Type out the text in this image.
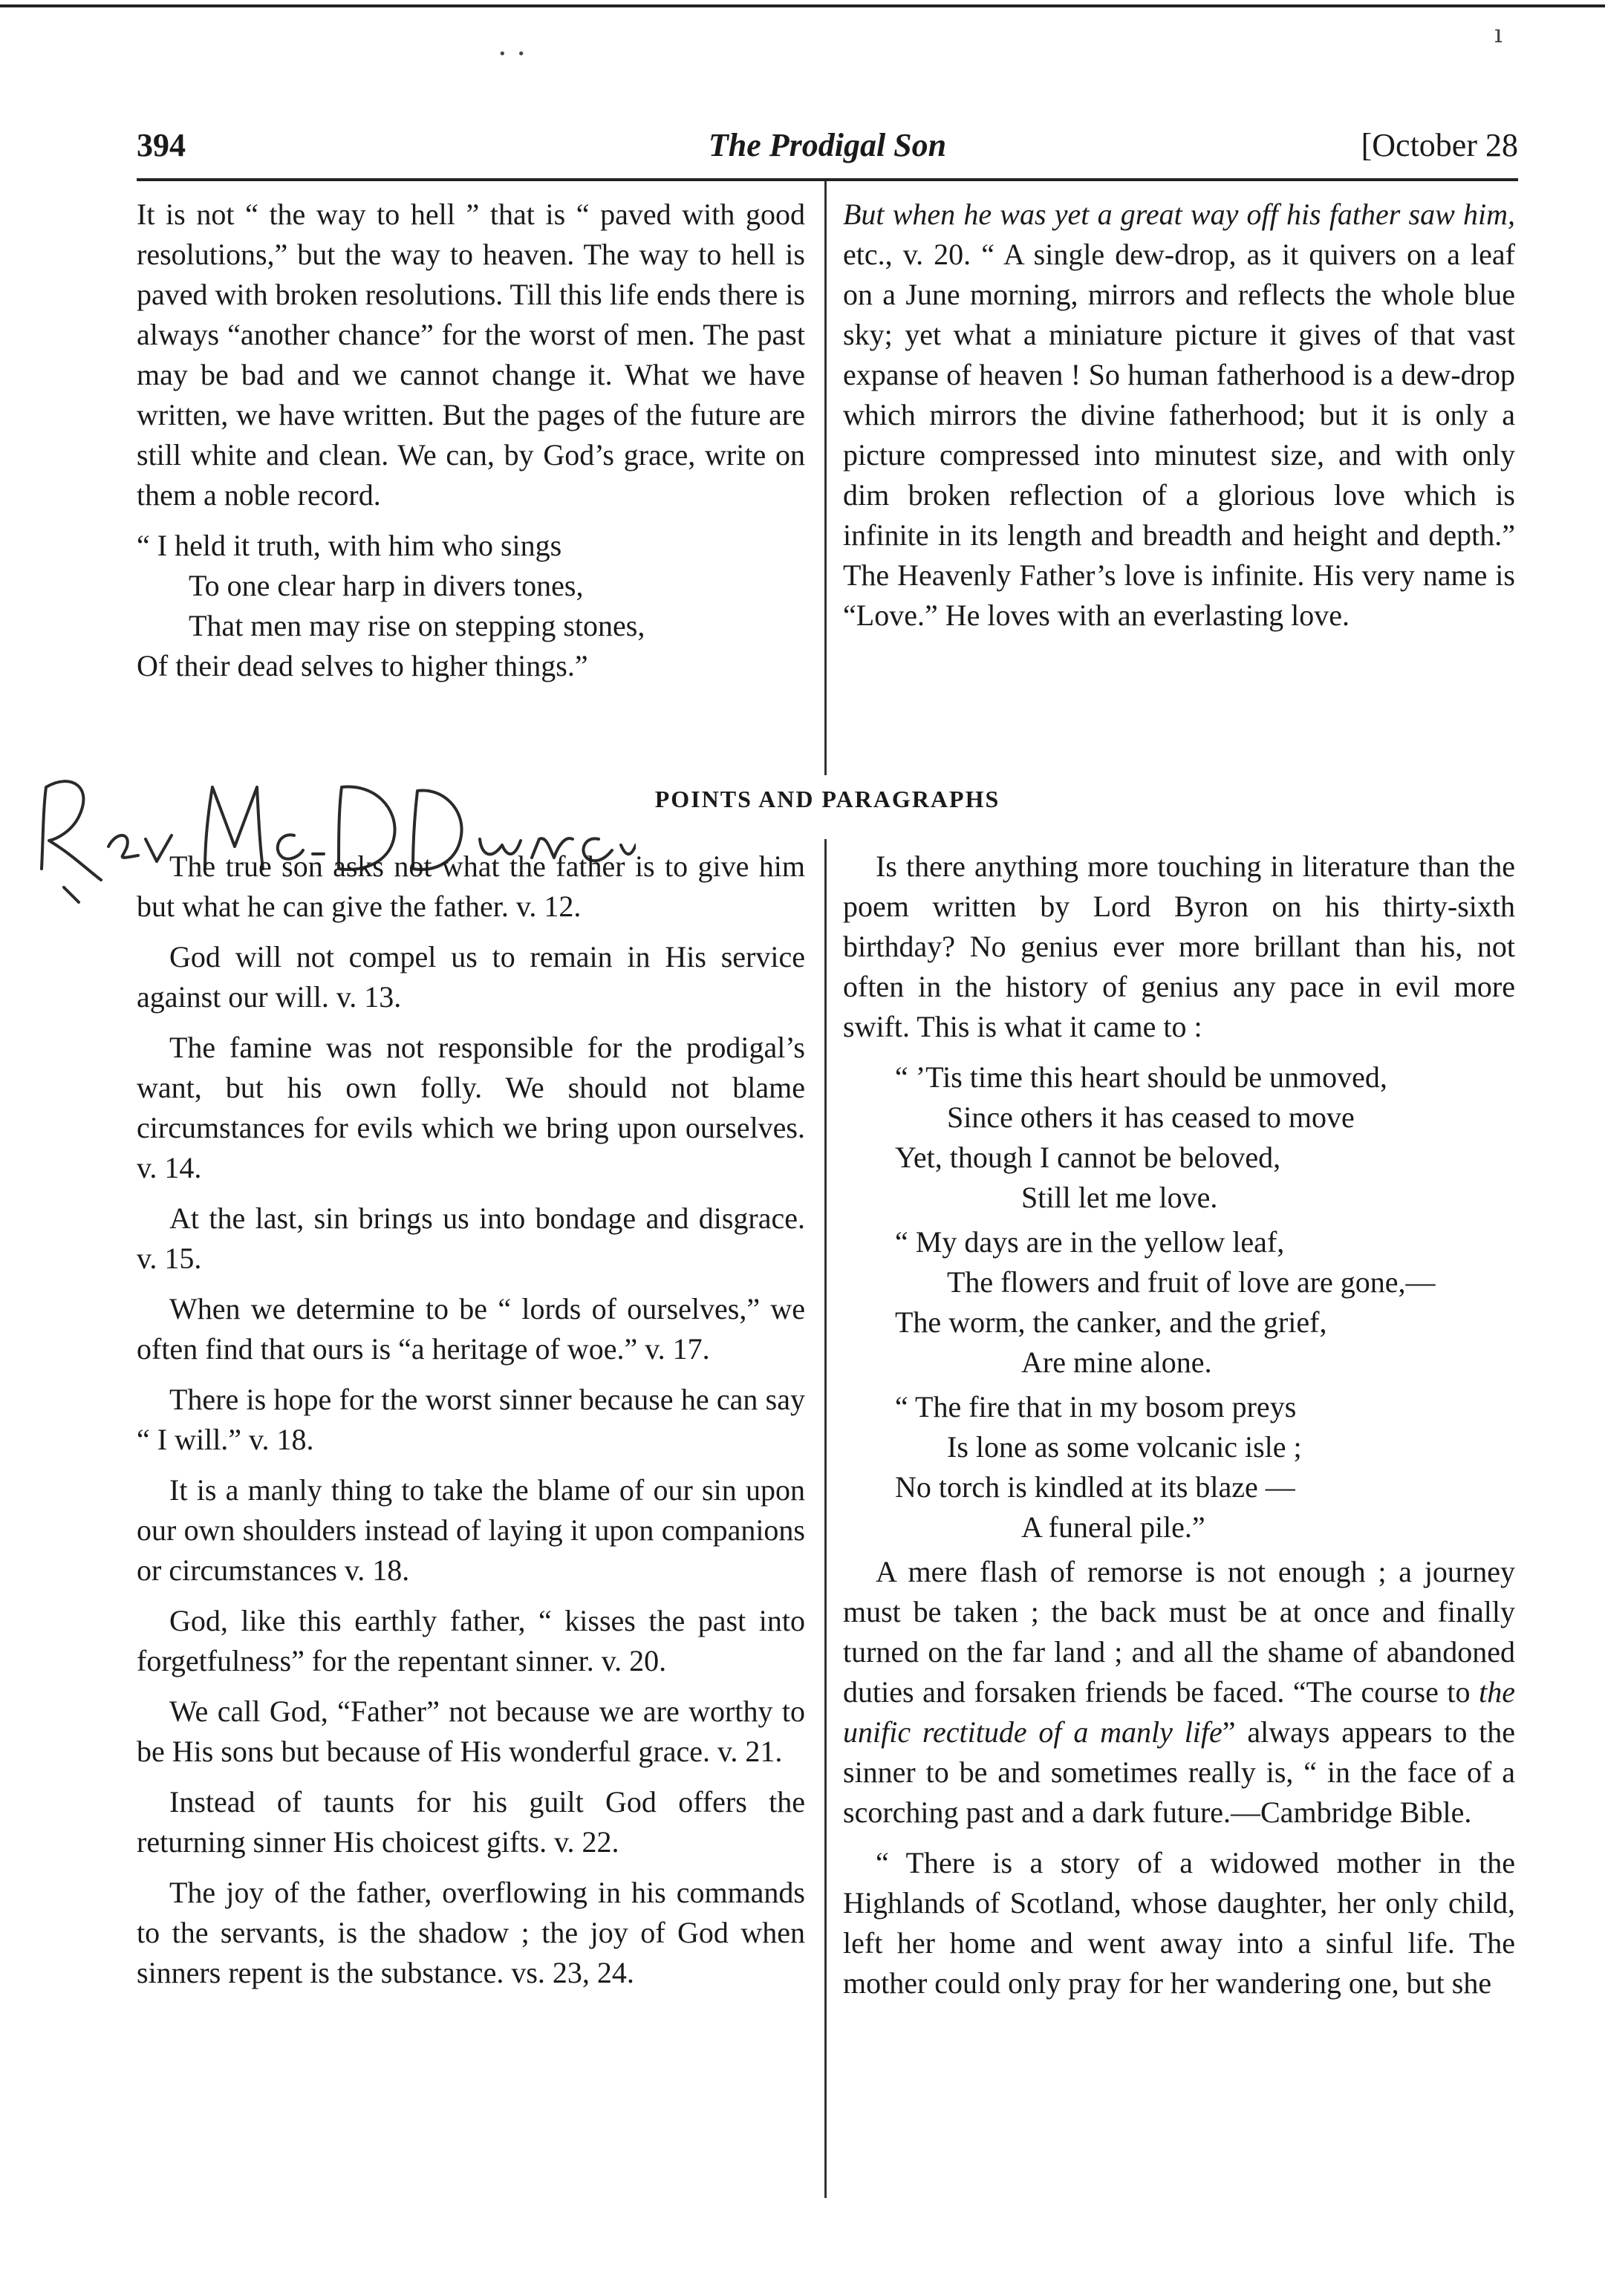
· ·
ı
394	The Prodigal Son	[October 28

It is not “ the way to hell ” that is “ paved with good resolutions,” but the way to heaven. The way to hell is paved with broken resolutions. Till this life ends there is always “another chance” for the worst of men. The past may be bad and we cannot change it. What we have written, we have written. But the pages of the future are still white and clean. We can, by God’s grace, write on them a noble record.

“ I held it truth, with him who sings
To one clear harp in divers tones,
That men may rise on stepping stones,
Of their dead selves to higher things.”

But when he was yet a great way off his father saw him, etc., v. 20. “ A single dew-drop, as it quivers on a leaf on a June morning, mirrors and reflects the whole blue sky; yet what a miniature picture it gives of that vast expanse of heaven ! So human fatherhood is a dew-drop which mirrors the divine fatherhood; but it is only a picture compressed into minutest size, and with only dim broken reflection of a glorious love which is infinite in its length and breadth and height and depth.” The Heavenly Father’s love is infinite. His very name is “Love.” He loves with an everlasting love.

POINTS AND PARAGRAPHS
Rev McD Duncan

The true son asks not what the father is to give him but what he can give the father. v. 12.

God will not compel us to remain in His service against our will. v. 13.

The famine was not responsible for the prodigal’s want, but his own folly. We should not blame circumstances for evils which we bring upon ourselves. v. 14.

At the last, sin brings us into bondage and disgrace. v. 15.

When we determine to be “ lords of ourselves,” we often find that ours is “a heritage of woe.” v. 17.

There is hope for the worst sinner because he can say “ I will.” v. 18.

It is a manly thing to take the blame of our sin upon our own shoulders instead of laying it upon companions or circumstances v. 18.

God, like this earthly father, “ kisses the past into forgetfulness” for the repentant sinner. v. 20.

We call God, “Father” not because we are worthy to be His sons but because of His wonderful grace. v. 21.

Instead of taunts for his guilt God offers the returning sinner His choicest gifts. v. 22.

The joy of the father, overflowing in his commands to the servants, is the shadow ; the joy of God when sinners repent is the substance. vs. 23, 24.

Is there anything more touching in literature than the poem written by Lord Byron on his thirty-sixth birthday? No genius ever more brillant than his, not often in the history of genius any pace in evil more swift. This is what it came to :

“ ’Tis time this heart should be unmoved,
Since others it has ceased to move
Yet, though I cannot be beloved,
Still let me love.
“ My days are in the yellow leaf,
The flowers and fruit of love are gone,—
The worm, the canker, and the grief,
Are mine alone.
“ The fire that in my bosom preys
Is lone as some volcanic isle ;
No torch is kindled at its blaze —
A funeral pile.”

A mere flash of remorse is not enough ; a journey must be taken ; the back must be at once and finally turned on the far land ; and all the shame of abandoned duties and forsaken friends be faced. “The course to the unific rectitude of a manly life” always appears to the sinner to be and sometimes really is, “ in the face of a scorching past and a dark future.—Cambridge Bible.

“ There is a story of a widowed mother in the Highlands of Scotland, whose daughter, her only child, left her home and went away into a sinful life. The mother could only pray for her wandering one, but she
